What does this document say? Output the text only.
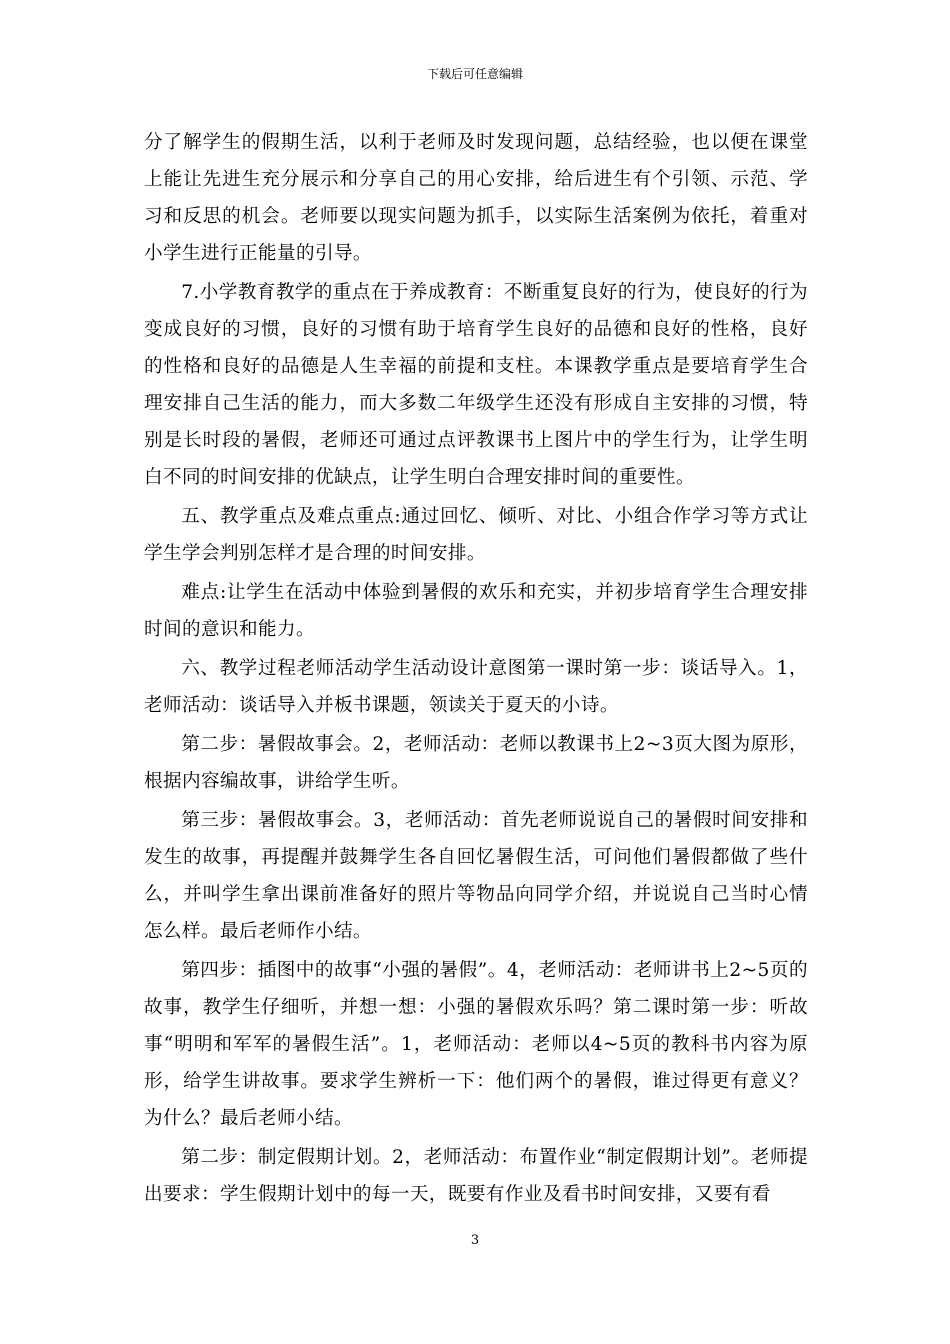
下载后可任意编辑

分了解学生的假期生活，以利于老师及时发现问题，总结经验，也以便在课堂上能让先进生充分展示和分享自己的用心安排，给后进生有个引领、示范、学习和反思的机会。老师要以现实问题为抓手，以实际生活案例为依托，着重对小学生进行正能量的引导。

7.小学教育教学的重点在于养成教育：不断重复良好的行为，使良好的行为变成良好的习惯，良好的习惯有助于培育学生良好的品德和良好的性格，良好的性格和良好的品德是人生幸福的前提和支柱。本课教学重点是要培育学生合理安排自己生活的能力，而大多数二年级学生还没有形成自主安排的习惯，特别是长时段的暑假，老师还可通过点评教课书上图片中的学生行为，让学生明白不同的时间安排的优缺点，让学生明白合理安排时间的重要性。

五、教学重点及难点重点:通过回忆、倾听、对比、小组合作学习等方式让学生学会判别怎样才是合理的时间安排。

难点:让学生在活动中体验到暑假的欢乐和充实，并初步培育学生合理安排时间的意识和能力。

六、教学过程老师活动学生活动设计意图第一课时第一步：谈话导入。1，老师活动：谈话导入并板书课题，领读关于夏天的小诗。

第二步：暑假故事会。2，老师活动：老师以教课书上2~3页大图为原形，根据内容编故事，讲给学生听。

第三步：暑假故事会。3，老师活动：首先老师说说自己的暑假时间安排和发生的故事，再提醒并鼓舞学生各自回忆暑假生活，可问他们暑假都做了些什么，并叫学生拿出课前准备好的照片等物品向同学介绍，并说说自己当时心情怎么样。最后老师作小结。

第四步：插图中的故事“小强的暑假”。4，老师活动：老师讲书上2~5页的故事，教学生仔细听，并想一想：小强的暑假欢乐吗？第二课时第一步：听故事“明明和军军的暑假生活”。1，老师活动：老师以4~5页的教科书内容为原形，给学生讲故事。要求学生辨析一下：他们两个的暑假，谁过得更有意义？为什么？最后老师小结。

第二步：制定假期计划。2，老师活动：布置作业“制定假期计划”。老师提出要求：学生假期计划中的每一天，既要有作业及看书时间安排，又要有看

3
